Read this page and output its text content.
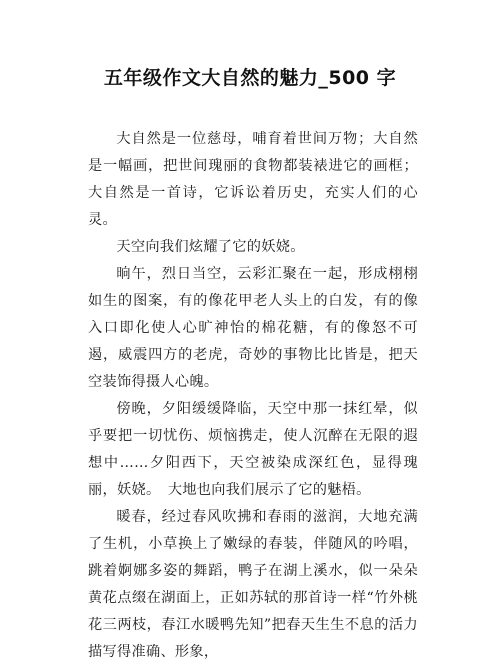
五年级作文大自然的魅力_500 字

大自然是一位慈母，哺育着世间万物；大自然是一幅画，把世间瑰丽的食物都装裱进它的画框；大自然是一首诗，它诉讼着历史，充实人们的心灵。

天空向我们炫耀了它的妖娆。

晌午，烈日当空，云彩汇聚在一起，形成栩栩如生的图案，有的像花甲老人头上的白发，有的像入口即化使人心旷神怡的棉花糖，有的像怒不可遏，威震四方的老虎，奇妙的事物比比皆是，把天空装饰得摄人心魄。

傍晚，夕阳缓缓降临，天空中那一抹红晕，似乎要把一切忧伤、烦恼携走，使人沉醉在无限的遐想中……夕阳西下，天空被染成深红色，显得瑰丽，妖娆。　大地也向我们展示了它的魅梧。

暖春，经过春风吹拂和春雨的滋润，大地充满了生机，小草换上了嫩绿的春装，伴随风的吟唱，跳着婀娜多姿的舞蹈，鸭子在湖上溪水，似一朵朵黄花点缀在湖面上，正如苏轼的那首诗一样“竹外桃花三两枝，春江水暖鸭先知”把春天生生不息的活力描写得准确、形象，
